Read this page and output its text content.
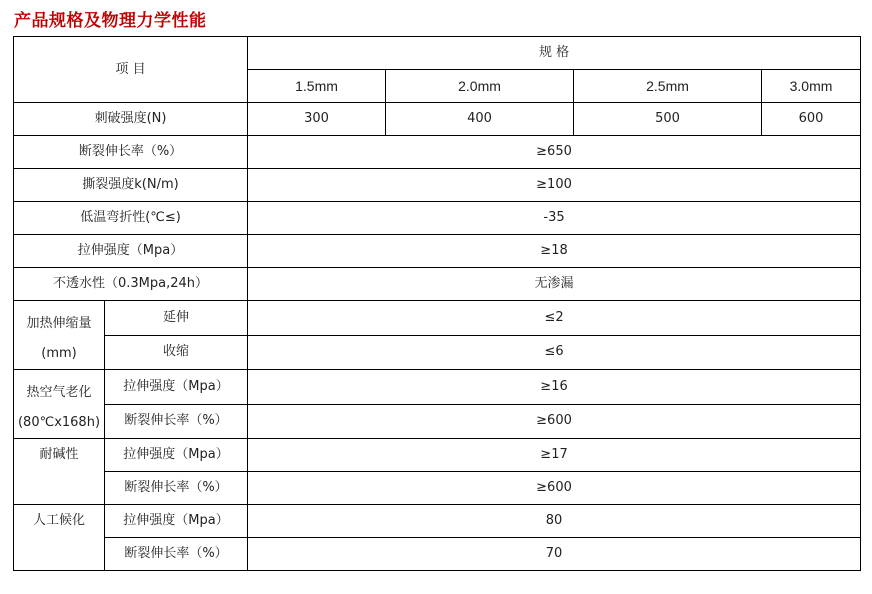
产品规格及物理力学性能
项 目		规 格			
		1.5mm	2.0mm	2.5mm	3.0mm
刺破强度(N)		300	400	500	600
断裂伸长率（%）		≥650			
撕裂强度k(N/m)		≥100			
低温弯折性(℃≤)		-35			
拉伸强度（Mpa）		≥18			
不透水性（0.3Mpa,24h）		无渗漏			
加热伸缩量(mm)	延伸	≤2			
	收缩	≤6			
热空气老化(80℃x168h)	拉伸强度（Mpa）	≥16			
	断裂伸长率（%）	≥600			
耐碱性	拉伸强度（Mpa）	≥17			
	断裂伸长率（%）	≥600			
人工候化	拉伸强度（Mpa）	80			
	断裂伸长率（%）	70			
